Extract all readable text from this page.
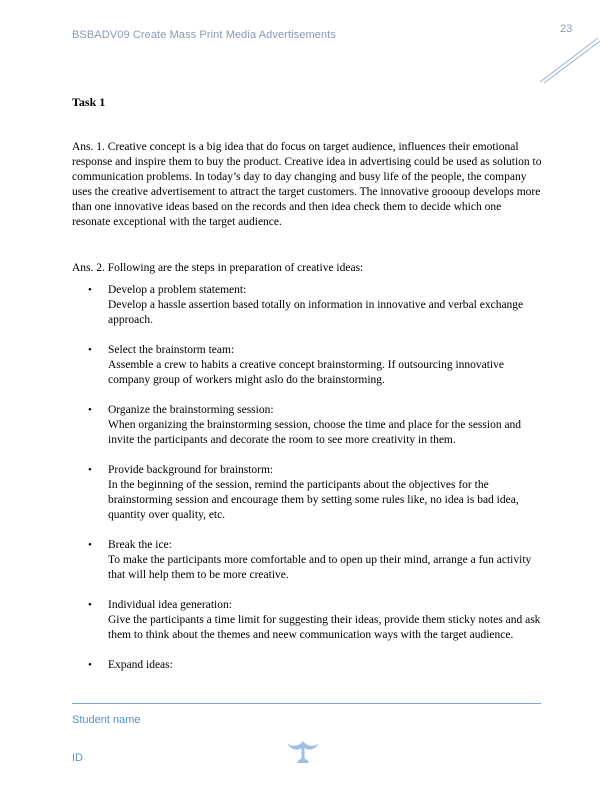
BSBADV09 Create Mass Print Media Advertisements	23
Task 1

Ans. 1. Creative concept is a big idea that do focus on target audience, influences their emotional response and inspire them to buy the product. Creative idea in advertising could be used as solution to communication problems. In today’s day to day changing and busy life of the people, the company uses the creative advertisement to attract the target customers. The innovative groooup develops more than one innovative ideas based on the records and then idea check them to decide which one resonate exceptional with the target audience.

Ans. 2. Following are the steps in preparation of creative ideas:

• Develop a problem statement:
Develop a hassle assertion based totally on information in innovative and verbal exchange approach.
• Select the brainstorm team:
Assemble a crew to habits a creative concept brainstorming. If outsourcing innovative company group of workers might aslo do the brainstorming.
• Organize the brainstorming session:
When organizing the brainstorming session, choose the time and place for the session and invite the participants and decorate the room to see more creativity in them.
• Provide background for brainstorm:
In the beginning of the session, remind the participants about the objectives for the brainstorming session and encourage them by setting some rules like, no idea is bad idea, quantity over quality, etc.
• Break the ice:
To make the participants more comfortable and to open up their mind, arrange a fun activity that will help them to be more creative.
• Individual idea generation:
Give the participants a time limit for suggesting their ideas, provide them sticky notes and ask them to think about the themes and neew communication ways with the target audience.
• Expand ideas:
Student name
ID
